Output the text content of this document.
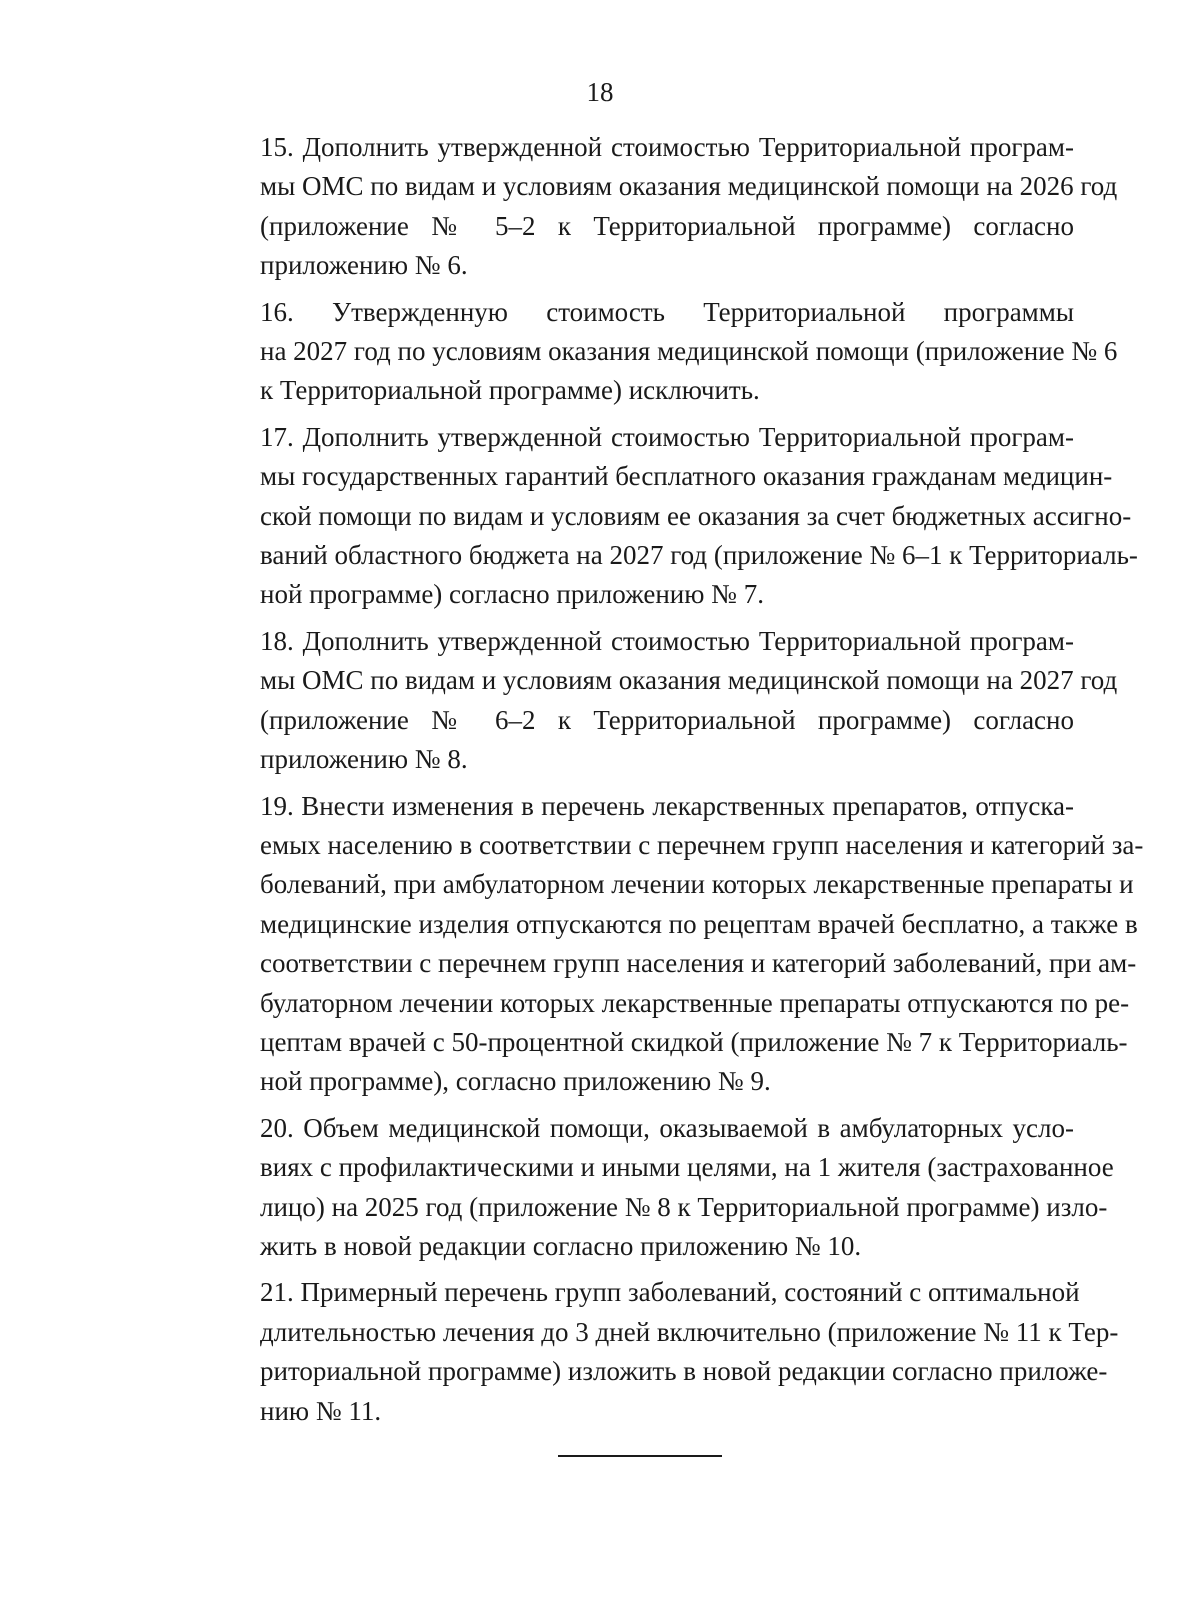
18
15. Дополнить утвержденной стоимостью Территориальной програм-
мы ОМС по видам и условиям оказания медицинской помощи на 2026 год
(приложение № 5–2 к Территориальной программе) согласно
приложению № 6.
16. Утвержденную стоимость Территориальной программы
на 2027 год по условиям оказания медицинской помощи (приложение № 6
к Территориальной программе) исключить.
17. Дополнить утвержденной стоимостью Территориальной програм-
мы государственных гарантий бесплатного оказания гражданам медицин-
ской помощи по видам и условиям ее оказания за счет бюджетных ассигно-
ваний областного бюджета на 2027 год (приложение № 6–1 к Территориаль-
ной программе) согласно приложению № 7.
18. Дополнить утвержденной стоимостью Территориальной програм-
мы ОМС по видам и условиям оказания медицинской помощи на 2027 год
(приложение № 6–2 к Территориальной программе) согласно
приложению № 8.
19. Внести изменения в перечень лекарственных препаратов, отпуска-
емых населению в соответствии с перечнем групп населения и категорий за-
болеваний, при амбулаторном лечении которых лекарственные препараты и
медицинские изделия отпускаются по рецептам врачей бесплатно, а также в
соответствии с перечнем групп населения и категорий заболеваний, при ам-
булаторном лечении которых лекарственные препараты отпускаются по ре-
цептам врачей с 50-процентной скидкой (приложение № 7 к Территориаль-
ной программе), согласно приложению № 9.
20. Объем медицинской помощи, оказываемой в амбулаторных усло-
виях с профилактическими и иными целями, на 1 жителя (застрахованное
лицо) на 2025 год (приложение № 8 к Территориальной программе) изло-
жить в новой редакции согласно приложению № 10.
21. Примерный перечень групп заболеваний, состояний с оптимальной
длительностью лечения до 3 дней включительно (приложение № 11 к Тер-
риториальной программе) изложить в новой редакции согласно приложе-
нию № 11.
